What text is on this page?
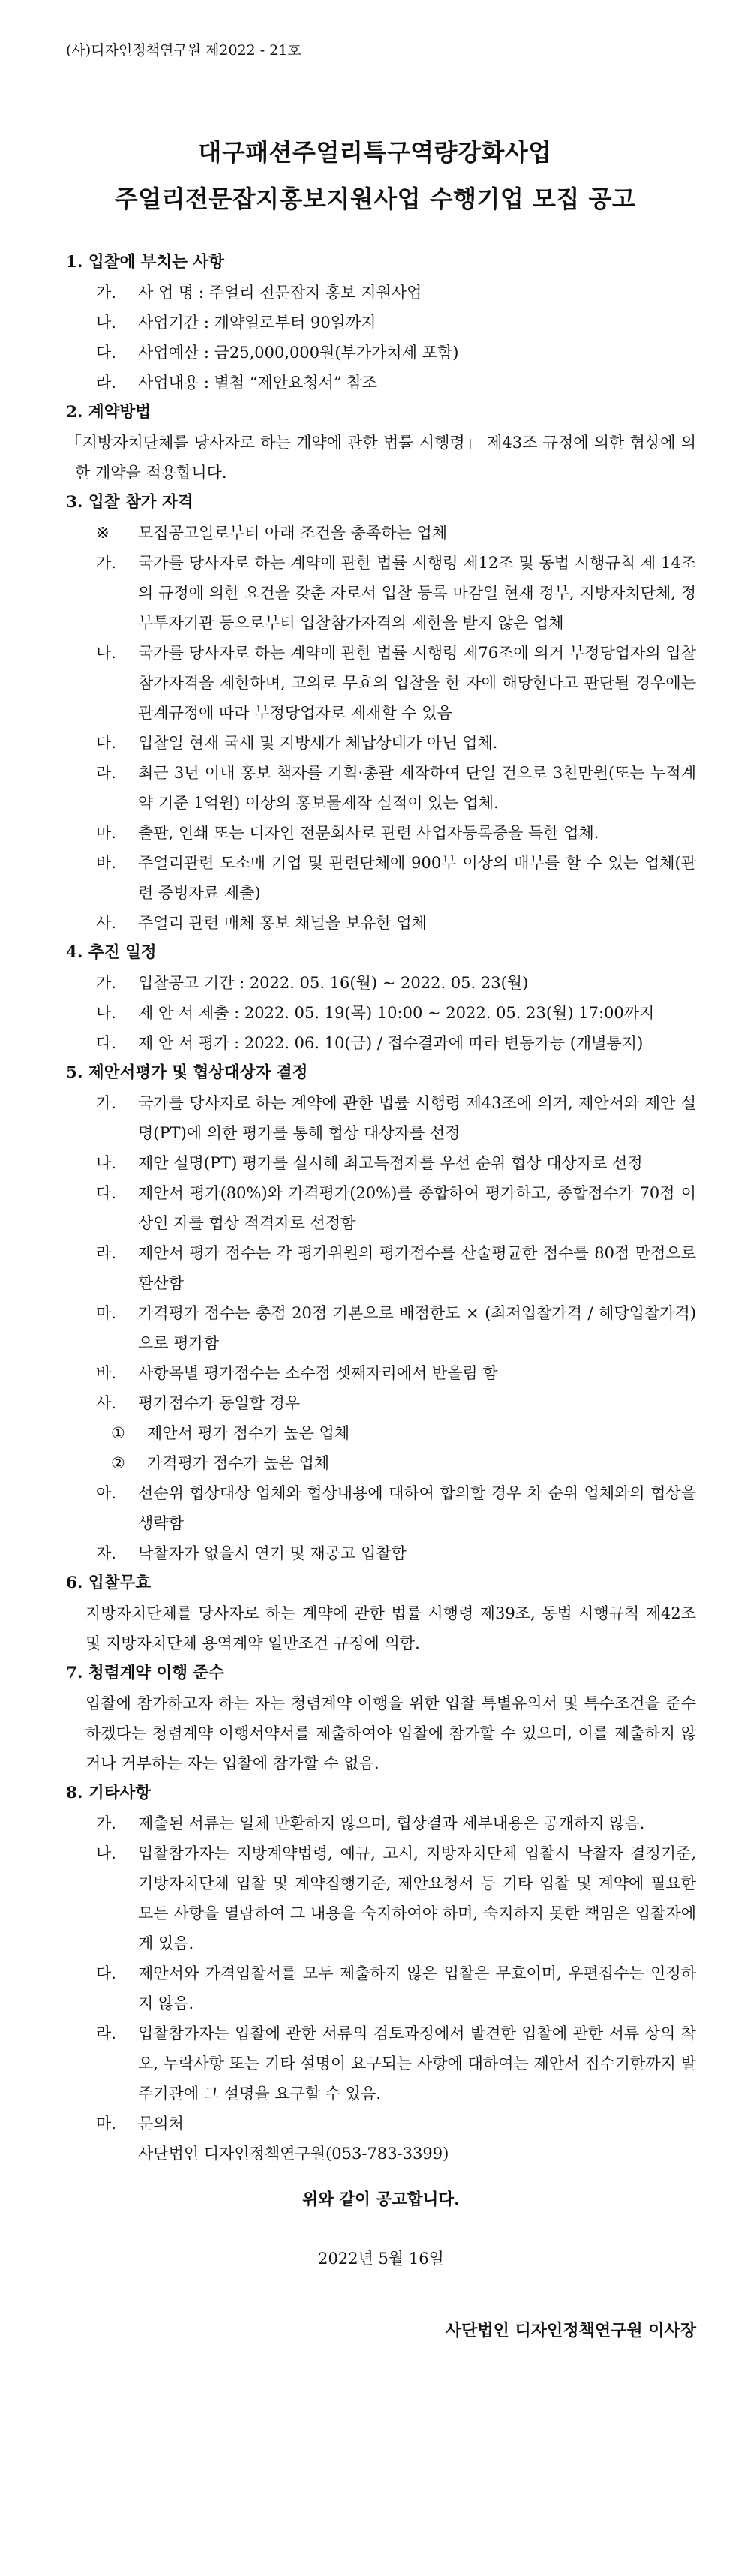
(사)디자인정책연구원 제2022 - 21호
대구패션주얼리특구역량강화사업
주얼리전문잡지홍보지원사업 수행기업 모집 공고
1. 입찰에 부치는 사항
가.	사 업 명 : 주얼리 전문잡지 홍보 지원사업
나.	사업기간 : 계약일로부터 90일까지
다.	사업예산 : 금25,000,000원(부가가치세 포함)
라.	사업내용 : 별첨 “제안요청서” 참조
2. 계약방법
「지방자치단체를 당사자로 하는 계약에 관한 법률 시행령」 제43조 규정에 의한 협상에 의한 계약을 적용합니다.
3. 입찰 참가 자격
※	모집공고일로부터 아래 조건을 충족하는 업체
가.	국가를 당사자로 하는 계약에 관한 법률 시행령 제12조 및 동법 시행규칙 제 14조의 규정에 의한 요건을 갖춘 자로서 입찰 등록 마감일 현재 정부, 지방자치단체, 정부투자기관 등으로부터 입찰참가자격의 제한을 받지 않은 업체
나.	국가를 당사자로 하는 계약에 관한 법률 시행령 제76조에 의거 부정당업자의 입찰참가자격을 제한하며, 고의로 무효의 입찰을 한 자에 해당한다고 판단될 경우에는 관계규정에 따라 부정당업자로 제재할 수 있음
다.	입찰일 현재 국세 및 지방세가 체납상태가 아닌 업체.
라.	최근 3년 이내 홍보 책자를 기획·총괄 제작하여 단일 건으로 3천만원(또는 누적계약 기준 1억원) 이상의 홍보물제작 실적이 있는 업체.
마.	출판, 인쇄 또는 디자인 전문회사로 관련 사업자등록증을 득한 업체.
바.	주얼리관련 도소매 기업 및 관련단체에 900부 이상의 배부를 할 수 있는 업체(관련 증빙자료 제출)
사.	주얼리 관련 매체 홍보 채널을 보유한 업체
4. 추진 일정
가.	입찰공고 기간 : 2022. 05. 16(월) ~ 2022. 05. 23(월)
나.	제 안 서 제출 : 2022. 05. 19(목) 10:00 ~ 2022. 05. 23(월) 17:00까지
다.	제 안 서 평가 : 2022. 06. 10(금) / 접수결과에 따라 변동가능 (개별통지)
5. 제안서평가 및 협상대상자 결정
가.	국가를 당사자로 하는 계약에 관한 법률 시행령 제43조에 의거, 제안서와 제안 설명(PT)에 의한 평가를 통해 협상 대상자를 선정
나.	제안 설명(PT) 평가를 실시해 최고득점자를 우선 순위 협상 대상자로 선정
다.	제안서 평가(80%)와 가격평가(20%)를 종합하여 평가하고, 종합점수가 70점 이상인 자를 협상 적격자로 선정함
라.	제안서 평가 점수는 각 평가위원의 평가점수를 산술평균한 점수를 80점 만점으로 환산함
마.	가격평가 점수는 총점 20점 기본으로 배점한도 × (최저입찰가격 / 해당입찰가격) 으로 평가함
바.	사항목별 평가점수는 소수점 셋째자리에서 반올림 함
사.	평가점수가 동일할 경우
①	제안서 평가 점수가 높은 업체
②	가격평가 점수가 높은 업체
아.	선순위 협상대상 업체와 협상내용에 대하여 합의할 경우 차 순위 업체와의 협상을 생략함
자.	낙찰자가 없을시 연기 및 재공고 입찰함
6. 입찰무효
지방자치단체를 당사자로 하는 계약에 관한 법률 시행령 제39조, 동법 시행규칙 제42조 및 지방자치단체 용역계약 일반조건 규정에 의함.
7. 청렴계약 이행 준수
입찰에 참가하고자 하는 자는 청렴계약 이행을 위한 입찰 특별유의서 및 특수조건을 준수하겠다는 청렴계약 이행서약서를 제출하여야 입찰에 참가할 수 있으며, 이를 제출하지 않거나 거부하는 자는 입찰에 참가할 수 없음.
8. 기타사항
가.	제출된 서류는 일체 반환하지 않으며, 협상결과 세부내용은 공개하지 않음.
나.	입찰참가자는 지방계약법령, 예규, 고시, 지방자치단체 입찰시 낙찰자 결정기준, 기방자치단체 입찰 및 계약집행기준, 제안요청서 등 기타 입찰 및 계약에 필요한 모든 사항을 열람하여 그 내용을 숙지하여야 하며, 숙지하지 못한 책임은 입찰자에게 있음.
다.	제안서와 가격입찰서를 모두 제출하지 않은 입찰은 무효이며, 우편접수는 인정하지 않음.
라.	입찰참가자는 입찰에 관한 서류의 검토과정에서 발견한 입찰에 관한 서류 상의 착오, 누락사항 또는 기타 설명이 요구되는 사항에 대하여는 제안서 접수기한까지 발주기관에 그 설명을 요구할 수 있음.
마.	문의처
사단법인 디자인정책연구원(053-783-3399)
위와 같이 공고합니다.
2022년 5월 16일
사단법인 디자인정책연구원 이사장
